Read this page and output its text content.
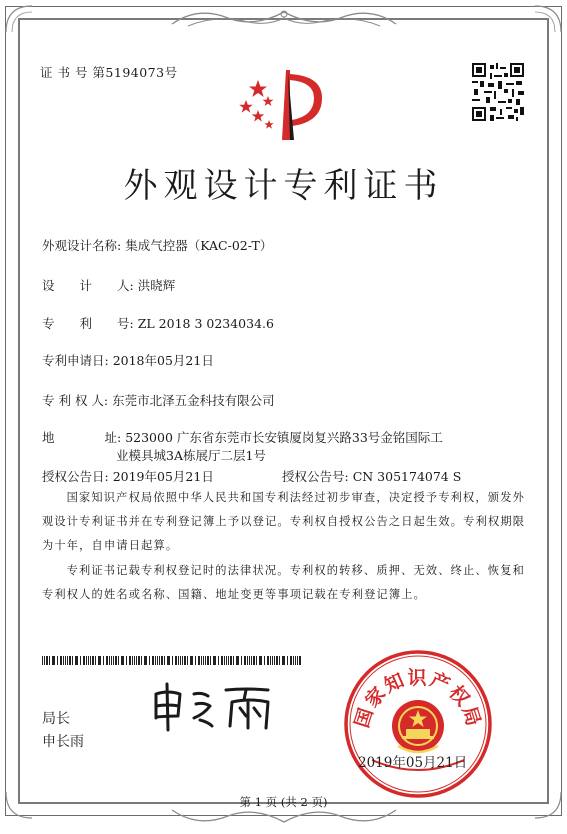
证 书 号 第5194073号
外观设计专利证书
外观设计名称: 集成气控器（KAC-02-T）
设　　计　　人: 洪晓辉
专　　利　　号: ZL 2018 3 0234034.6
专利申请日: 2018年05月21日
专 利 权 人: 东莞市北泽五金科技有限公司
地　　　　址: 523000 广东省东莞市长安镇厦岗复兴路33号金铭国际工
业模具城3A栋展厅二层1号
授权公告日: 2019年05月21日	授权公告号: CN 305174074 S
国家知识产权局依照中华人民共和国专利法经过初步审查，决定授予专利权，颁发外观设计专利证书并在专利登记簿上予以登记。专利权自授权公告之日起生效。专利权期限为十年，自申请日起算。
专利证书记载专利权登记时的法律状况。专利权的转移、质押、无效、终止、恢复和专利权人的姓名或名称、国籍、地址变更等事项记载在专利登记簿上。
局长
申长雨
国家知识产权局
2019年05月21日
第 1 页 (共 2 页)
